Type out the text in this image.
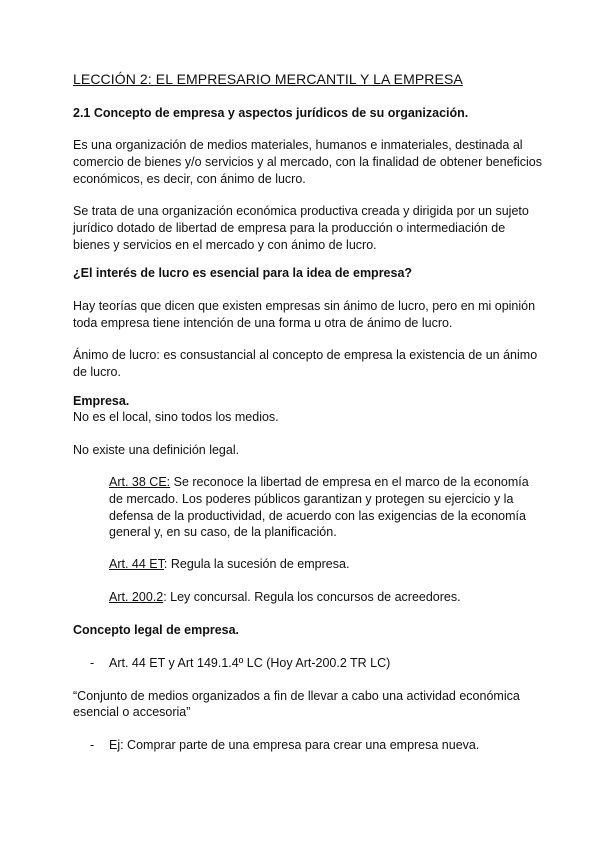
LECCIÓN 2: EL EMPRESARIO MERCANTIL Y LA EMPRESA

2.1 Concepto de empresa y aspectos jurídicos de su organización.

Es una organización de medios materiales, humanos e inmateriales, destinada al

comercio de bienes y/o servicios y al mercado, con la finalidad de obtener beneficios

económicos, es decir, con ánimo de lucro.

Se trata de una organización económica productiva creada y dirigida por un sujeto

jurídico dotado de libertad de empresa para la producción o intermediación de

bienes y servicios en el mercado y con ánimo de lucro.

¿El interés de lucro es esencial para la idea de empresa?

Hay teorías que dicen que existen empresas sin ánimo de lucro, pero en mi opinión

toda empresa tiene intención de una forma u otra de ánimo de lucro.

Ánimo de lucro: es consustancial al concepto de empresa la existencia de un ánimo

de lucro.

Empresa.

No es el local, sino todos los medios.

No existe una definición legal.

Art. 38 CE: Se reconoce la libertad de empresa en el marco de la economía

de mercado. Los poderes públicos garantizan y protegen su ejercicio y la

defensa de la productividad, de acuerdo con las exigencias de la economía

general y, en su caso, de la planificación.

Art. 44 ET: Regula la sucesión de empresa.

Art. 200.2: Ley concursal. Regula los concursos de acreedores.

Concepto legal de empresa.

- Art. 44 ET y Art 149.1.4º LC (Hoy Art-200.2 TR LC)

“Conjunto de medios organizados a fin de llevar a cabo una actividad económica

esencial o accesoria”

- Ej: Comprar parte de una empresa para crear una empresa nueva.
